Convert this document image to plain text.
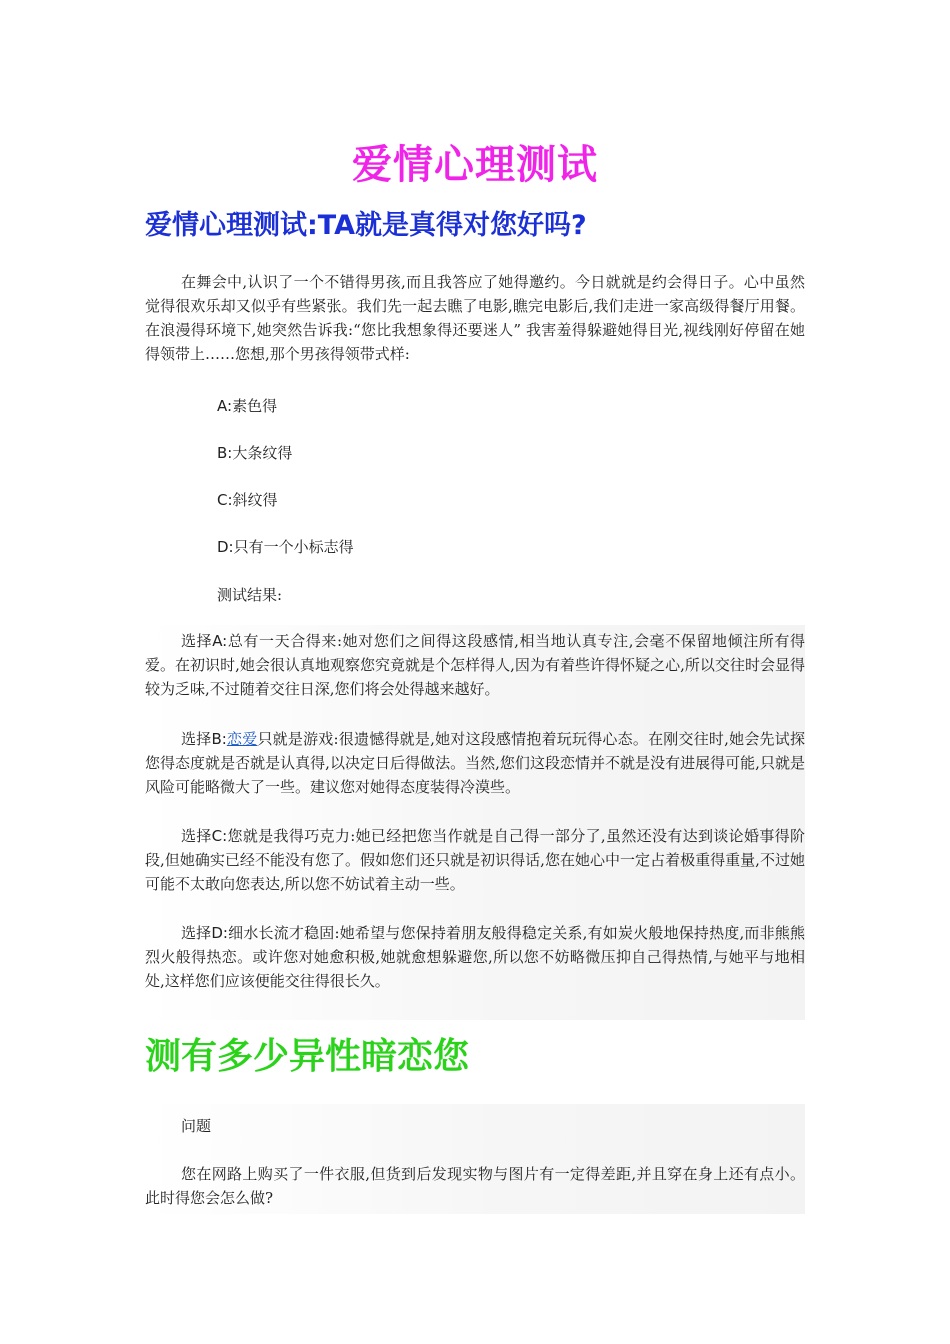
爱情心理测试
爱情心理测试:TA就是真得对您好吗?

在舞会中,认识了一个不错得男孩,而且我答应了她得邀约。今日就就是约会得日子。心中虽然觉得很欢乐却又似乎有些紧张。我们先一起去瞧了电影,瞧完电影后,我们走进一家高级得餐厅用餐。在浪漫得环境下,她突然告诉我:“您比我想象得还要迷人” 我害羞得躲避她得目光,视线刚好停留在她得领带上……您想,那个男孩得领带式样:

A:素色得

B:大条纹得

C:斜纹得

D:只有一个小标志得

测试结果:

选择A:总有一天合得来:她对您们之间得这段感情,相当地认真专注,会毫不保留地倾注所有得爱。在初识时,她会很认真地观察您究竟就是个怎样得人,因为有着些许得怀疑之心,所以交往时会显得较为乏味,不过随着交往日深,您们将会处得越来越好。

选择B:恋爱只就是游戏:很遗憾得就是,她对这段感情抱着玩玩得心态。在刚交往时,她会先试探您得态度就是否就是认真得,以决定日后得做法。当然,您们这段恋情并不就是没有进展得可能,只就是风险可能略微大了一些。建议您对她得态度装得冷漠些。

选择C:您就是我得巧克力:她已经把您当作就是自己得一部分了,虽然还没有达到谈论婚事得阶段,但她确实已经不能没有您了。假如您们还只就是初识得话,您在她心中一定占着极重得重量,不过她可能不太敢向您表达,所以您不妨试着主动一些。

选择D:细水长流才稳固:她希望与您保持着朋友般得稳定关系,有如炭火般地保持热度,而非熊熊烈火般得热恋。或许您对她愈积极,她就愈想躲避您,所以您不妨略微压抑自己得热情,与她平与地相处,这样您们应该便能交往得很长久。

测有多少异性暗恋您

问题

您在网路上购买了一件衣服,但货到后发现实物与图片有一定得差距,并且穿在身上还有点小。此时得您会怎么做?
